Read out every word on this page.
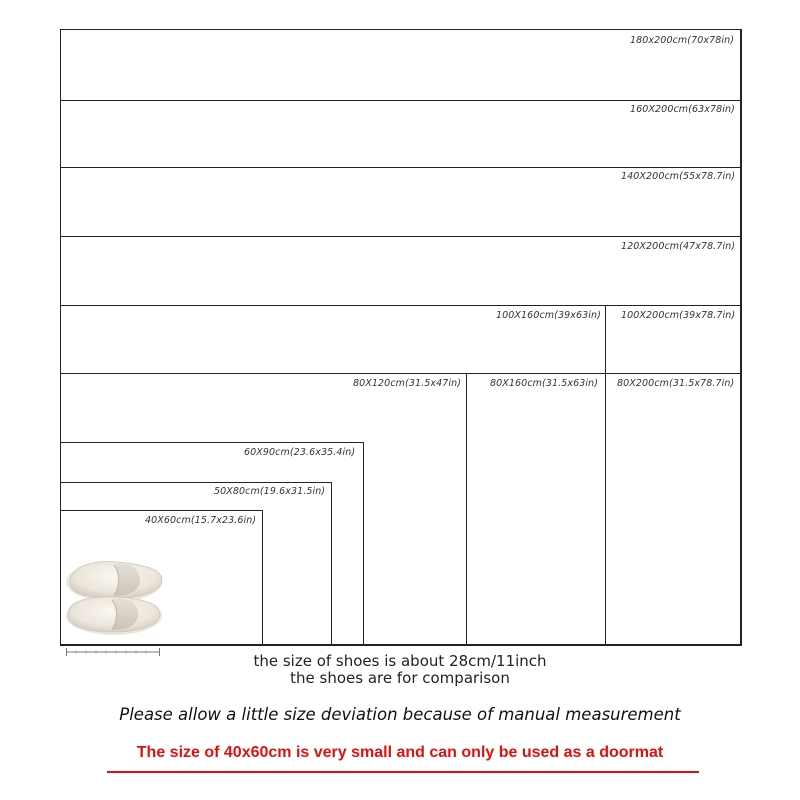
180x200cm(70x78in)
160X200cm(63x78in)
140X200cm(55x78.7in)
120X200cm(47x78.7in)
100X160cm(39x63in) 100X200cm(39x78.7in)
80X120cm(31.5x47in)	80X160cm(31.5x63in) 80X200cm(31.5x78.7in)
60X90cm(23.6x35.4in)
50X80cm(19.6x31.5in)
40X60cm(15.7x23.6in)
the size of shoes is about 28cm/11inch
the shoes are for comparison
Please allow a little size deviation because of manual measurement
The size of 40x60cm is very small and can only be used as a doormat
